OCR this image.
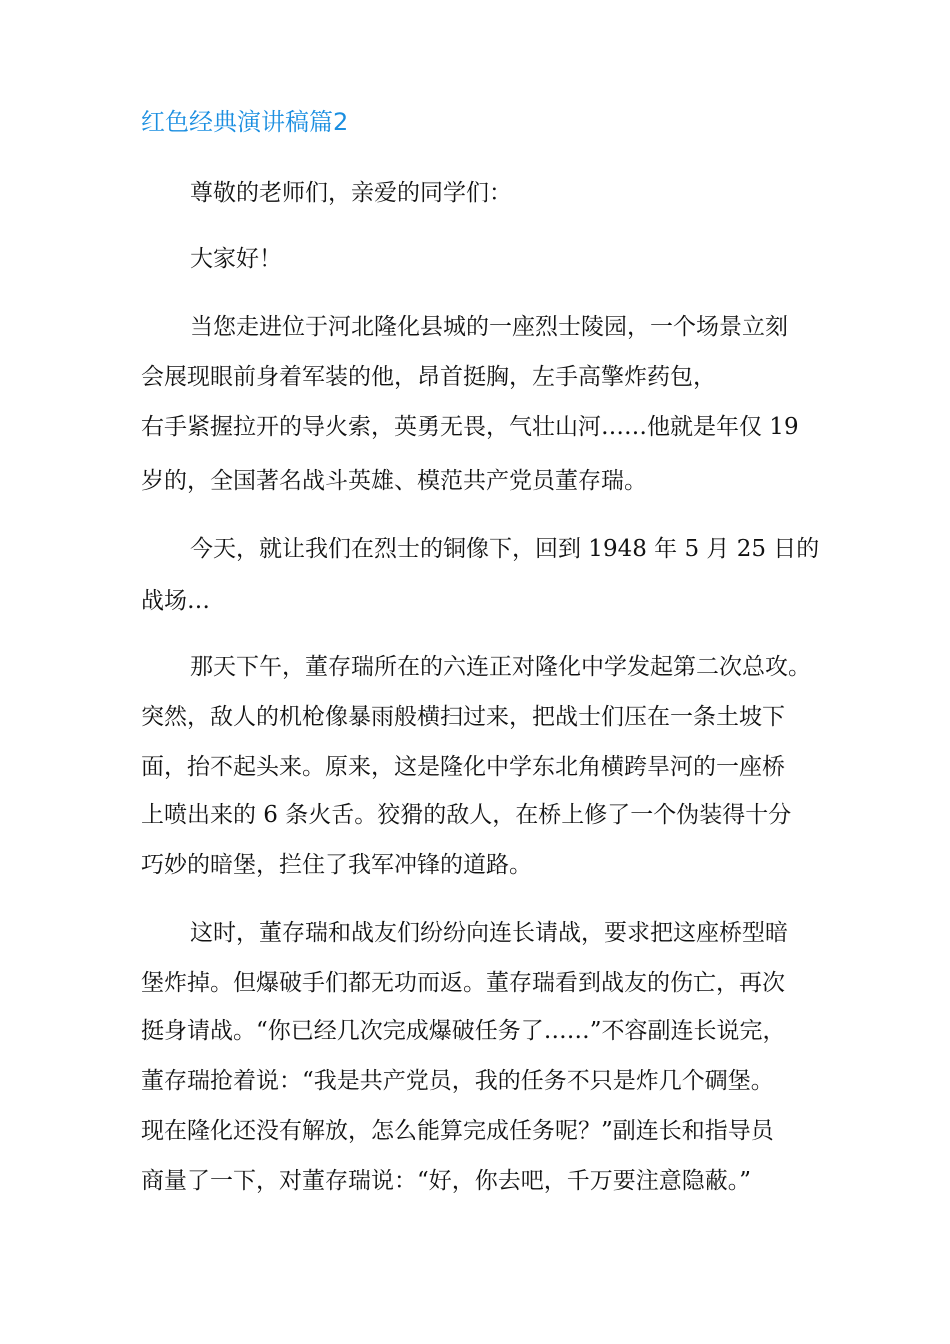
红色经典演讲稿篇2
尊敬的老师们，亲爱的同学们：
大家好！
当您走进位于河北隆化县城的一座烈士陵园，一个场景立刻
会展现眼前身着军装的他，昂首挺胸，左手高擎炸药包，
右手紧握拉开的导火索，英勇无畏，气壮山河……他就是年仅 19
岁的，全国著名战斗英雄、模范共产党员董存瑞。
今天，就让我们在烈士的铜像下，回到 1948 年 5 月 25 日的
战场…
那天下午，董存瑞所在的六连正对隆化中学发起第二次总攻。
突然，敌人的机枪像暴雨般横扫过来，把战士们压在一条土坡下
面，抬不起头来。原来，这是隆化中学东北角横跨旱河的一座桥
上喷出来的 6 条火舌。狡猾的敌人，在桥上修了一个伪装得十分
巧妙的暗堡，拦住了我军冲锋的道路。
这时，董存瑞和战友们纷纷向连长请战，要求把这座桥型暗
堡炸掉。但爆破手们都无功而返。董存瑞看到战友的伤亡，再次
挺身请战。“你已经几次完成爆破任务了……”不容副连长说完，
董存瑞抢着说：“我是共产党员，我的任务不只是炸几个碉堡。
现在隆化还没有解放，怎么能算完成任务呢？”副连长和指导员
商量了一下，对董存瑞说：“好，你去吧，千万要注意隐蔽。”
